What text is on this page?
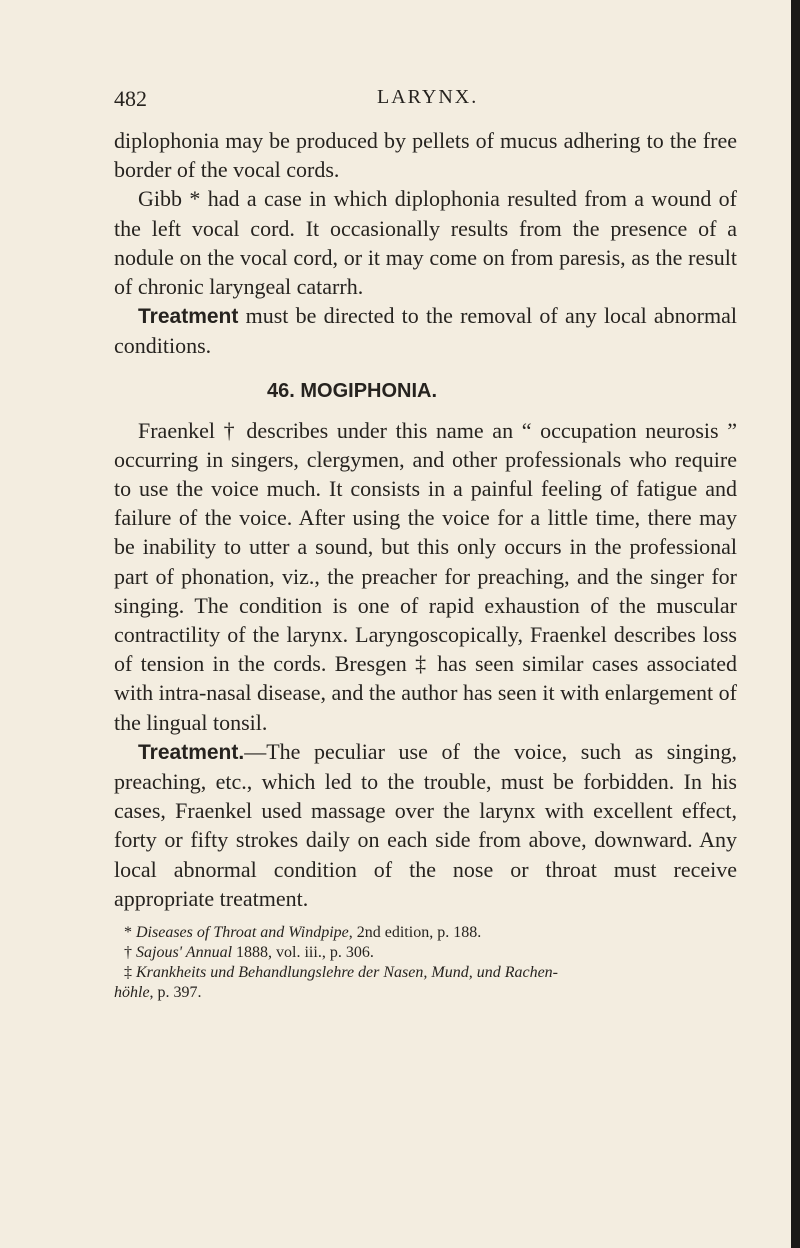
482	LARYNX.

diplophonia may be produced by pellets of mucus adhering to the free border of the vocal cords.

Gibb * had a case in which diplophonia resulted from a wound of the left vocal cord. It occasionally results from the presence of a nodule on the vocal cord, or it may come on from paresis, as the result of chronic laryngeal catarrh.

Treatment must be directed to the removal of any local abnormal conditions.

46. MOGIPHONIA.

Fraenkel † describes under this name an “ occupation neurosis ” occurring in singers, clergymen, and other professionals who require to use the voice much. It consists in a painful feeling of fatigue and failure of the voice. After using the voice for a little time, there may be inability to utter a sound, but this only occurs in the professional part of phonation, viz., the preacher for preaching, and the singer for singing. The condition is one of rapid exhaustion of the muscular contractility of the larynx. Laryngoscopically, Fraenkel describes loss of tension in the cords. Bresgen ‡ has seen similar cases associated with intra-nasal disease, and the author has seen it with enlargement of the lingual tonsil.

Treatment.—The peculiar use of the voice, such as singing, preaching, etc., which led to the trouble, must be forbidden. In his cases, Fraenkel used massage over the larynx with excellent effect, forty or fifty strokes daily on each side from above, downward. Any local abnormal condition of the nose or throat must receive appropriate treatment.

* Diseases of Throat and Windpipe, 2nd edition, p. 188.

† Sajous' Annual 1888, vol. iii., p. 306.

‡ Krankheits und Behandlungslehre der Nasen, Mund, und Rachen-

höhle, p. 397.
